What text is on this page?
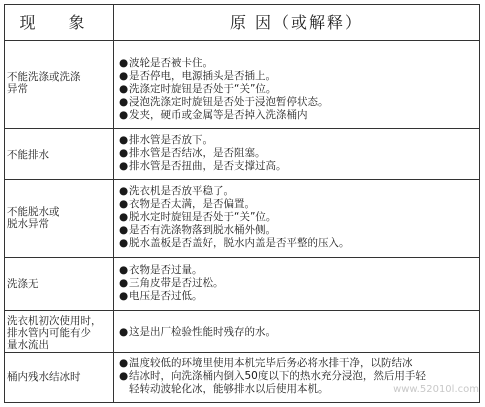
现 象	原 因（或解释）
不能洗涤或洗涤
异常
●波轮是否被卡住。
●是否停电，电源插头是否插上。
●洗涤定时旋钮是否处于“关”位。
●浸泡洗涤定时旋钮是否处于浸泡暂停状态。
●发夹，硬币或金属等是否掉入洗涤桶内
不能排水
●排水管是否放下。
●排水管是否结冰，是否阻塞。
●排水管是否扭曲，是否支撑过高。
不能脱水或
脱水异常
●洗衣机是否放平稳了。
●衣物是否太满，是否偏置。
●脱水定时旋钮是否处于“关”位。
●是否有洗涤物落到脱水桶外侧。
●脱水盖板是否盖好，脱水内盖是否平整的压入。
洗涤无
●衣物是否过量。
●三角皮带是否过松。
●电压是否过低。
洗衣机初次使用时，
排水管内可能有少
量水流出
●这是出厂检验性能时残存的水。
桶内残水结冰时
●温度较低的环境里使用本机完毕后务必将水排干净，以防结冰
●结冰时，向洗涤桶内倒入50度以下的热水充分浸泡，然后用手轻
轻转动波轮化冰，能够排水以后使用本机。	www.52010l.com
